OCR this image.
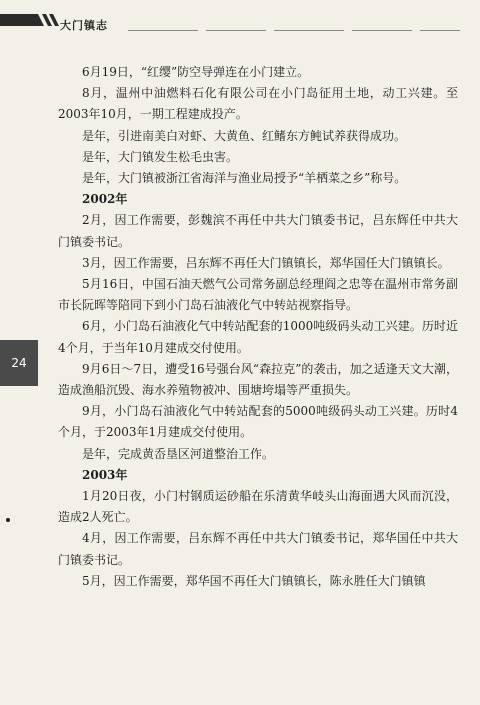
大门镇志
24

6月19日，“红缨”防空导弹连在小门建立。

8月，温州中油燃料石化有限公司在小门岛征用土地，动工兴建。至2003年10月，一期工程建成投产。

是年，引进南美白对虾、大黄鱼、红鳍东方鲀试养获得成功。

是年，大门镇发生松毛虫害。

是年，大门镇被浙江省海洋与渔业局授予“羊栖菜之乡”称号。

2002年

2月，因工作需要，彭魏滨不再任中共大门镇委书记，吕东辉任中共大门镇委书记。

3月，因工作需要，吕东辉不再任大门镇镇长，郑华国任大门镇镇长。

5月16日，中国石油天燃气公司常务副总经理阎之忠等在温州市常务副市长阮晖等陪同下到小门岛石油液化气中转站视察指导。

6月，小门岛石油液化气中转站配套的1000吨级码头动工兴建。历时近4个月，于当年10月建成交付使用。

9月6日～7日，遭受16号强台风“森拉克”的袭击，加之适逢天文大潮，造成渔船沉毁、海水养殖物被冲、围塘垮塌等严重损失。

9月，小门岛石油液化气中转站配套的5000吨级码头动工兴建。历时4个月，于2003年1月建成交付使用。

是年，完成黄岙垦区河道整治工作。

2003年

1月20日夜，小门村钢质运砂船在乐清黄华岐头山海面遇大风而沉没，造成2人死亡。

4月，因工作需要，吕东辉不再任中共大门镇委书记，郑华国任中共大门镇委书记。

5月，因工作需要，郑华国不再任大门镇镇长，陈永胜任大门镇镇
